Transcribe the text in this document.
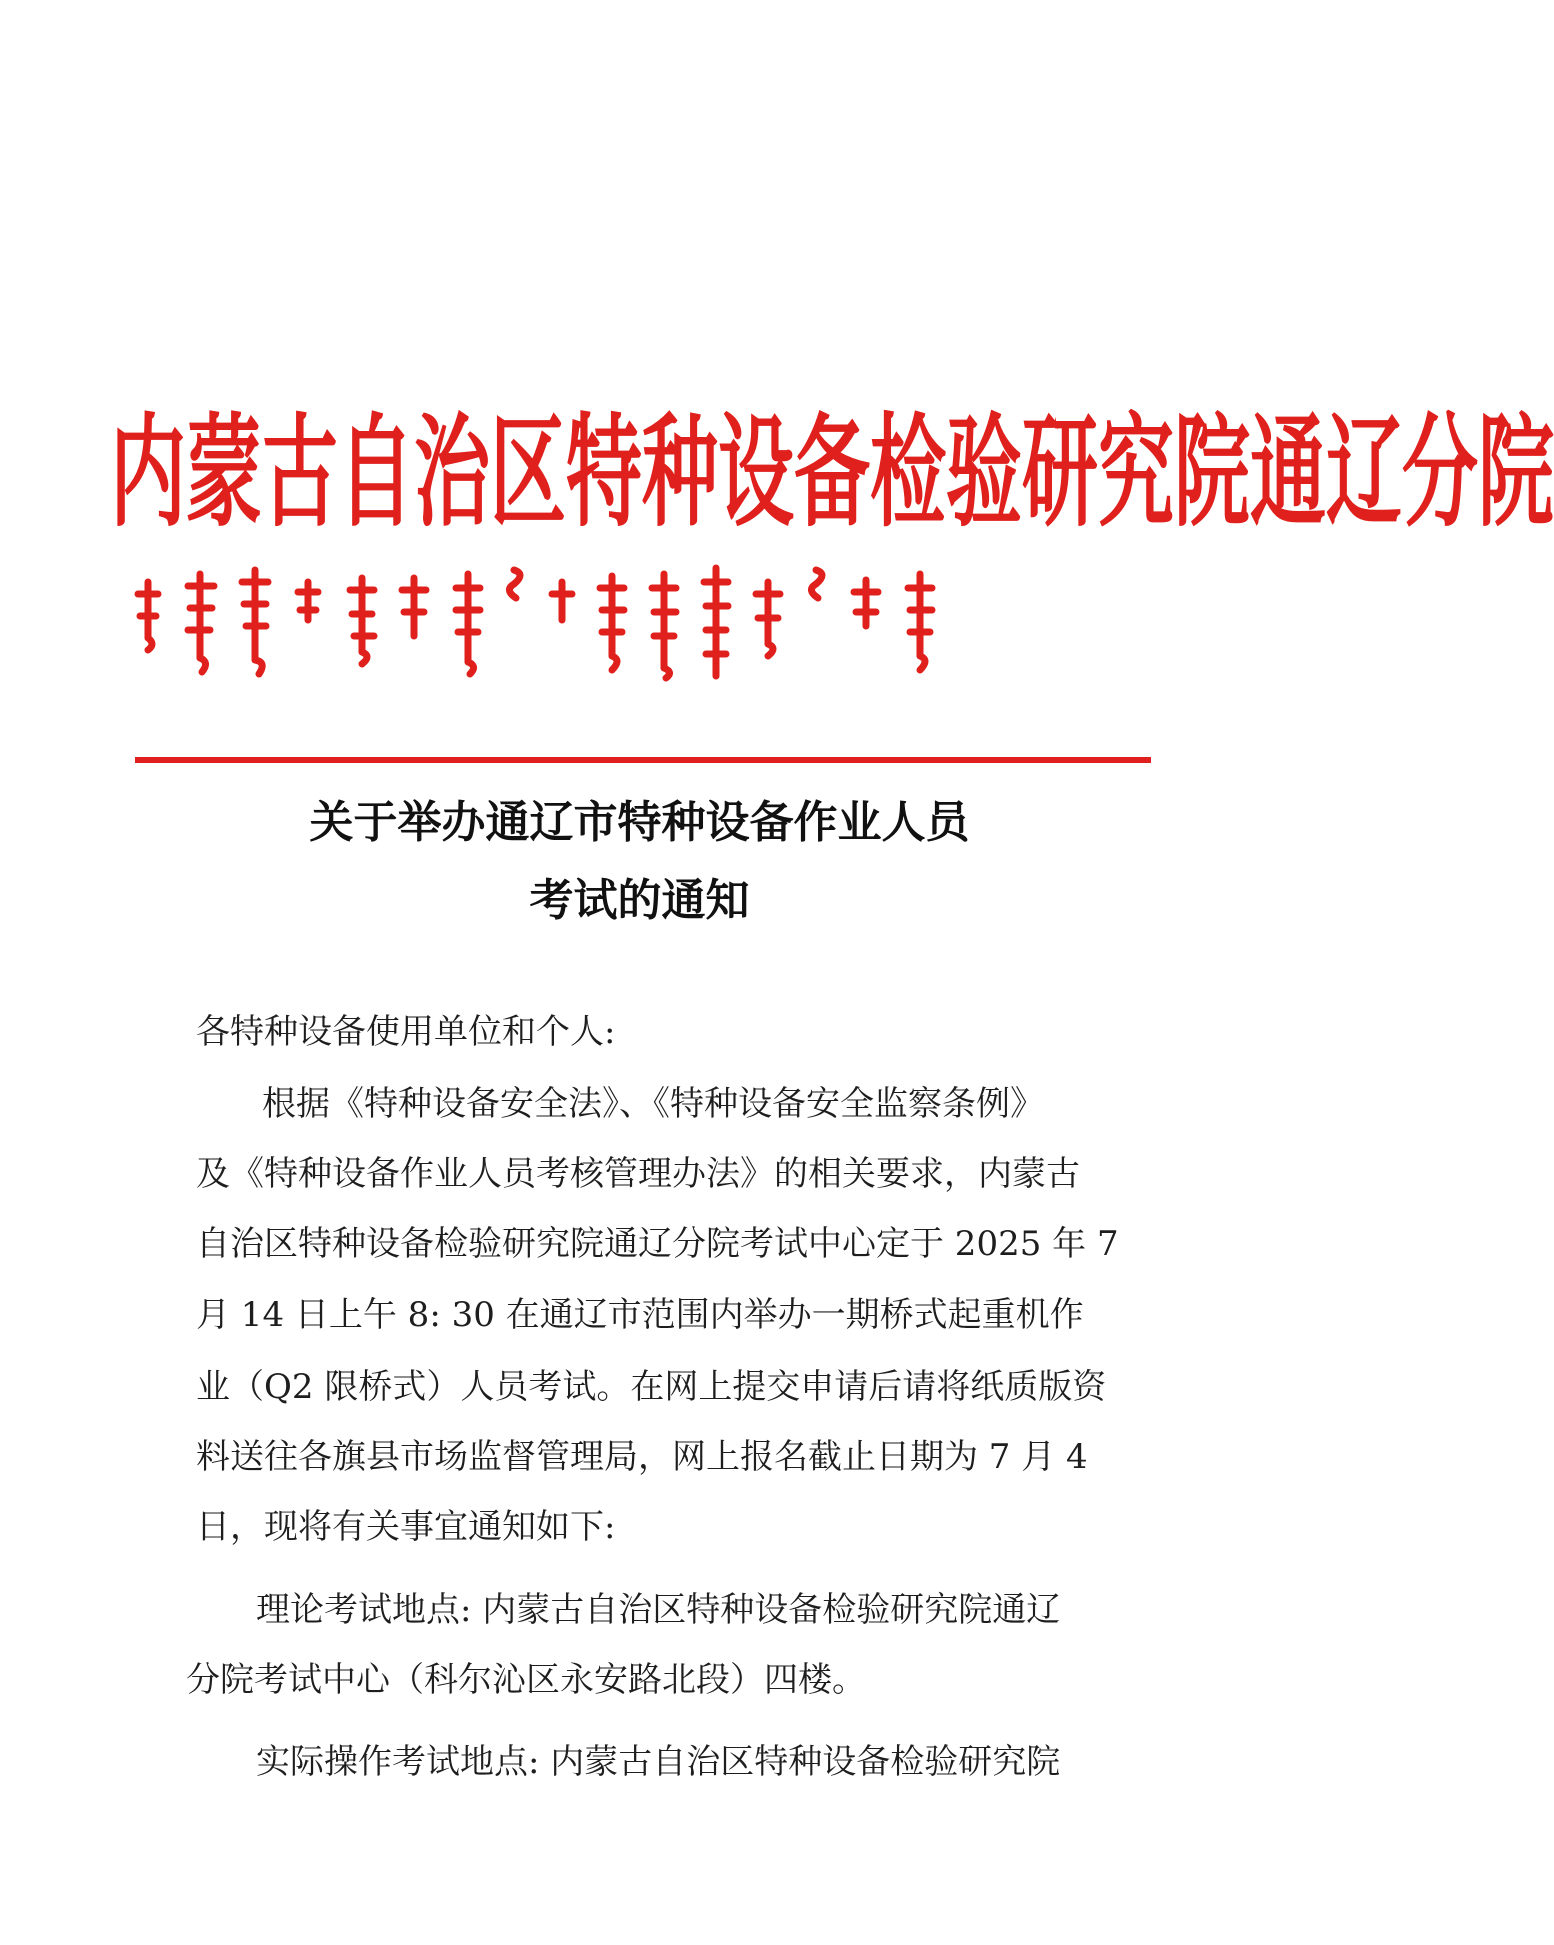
内蒙古自治区特种设备检验研究院通辽分院
关于举办通辽市特种设备作业人员
考试的通知

各特种设备使用单位和个人:

根据《特种设备安全法》、《特种设备安全监察条例》

及《特种设备作业人员考核管理办法》的相关要求，内蒙古

自治区特种设备检验研究院通辽分院考试中心定于 2025 年 7

月 14 日上午 8: 30 在通辽市范围内举办一期桥式起重机作

业（Q2 限桥式）人员考试。在网上提交申请后请将纸质版资

料送往各旗县市场监督管理局，网上报名截止日期为 7 月 4

日，现将有关事宜通知如下:

理论考试地点: 内蒙古自治区特种设备检验研究院通辽

分院考试中心（科尔沁区永安路北段）四楼。

实际操作考试地点: 内蒙古自治区特种设备检验研究院
